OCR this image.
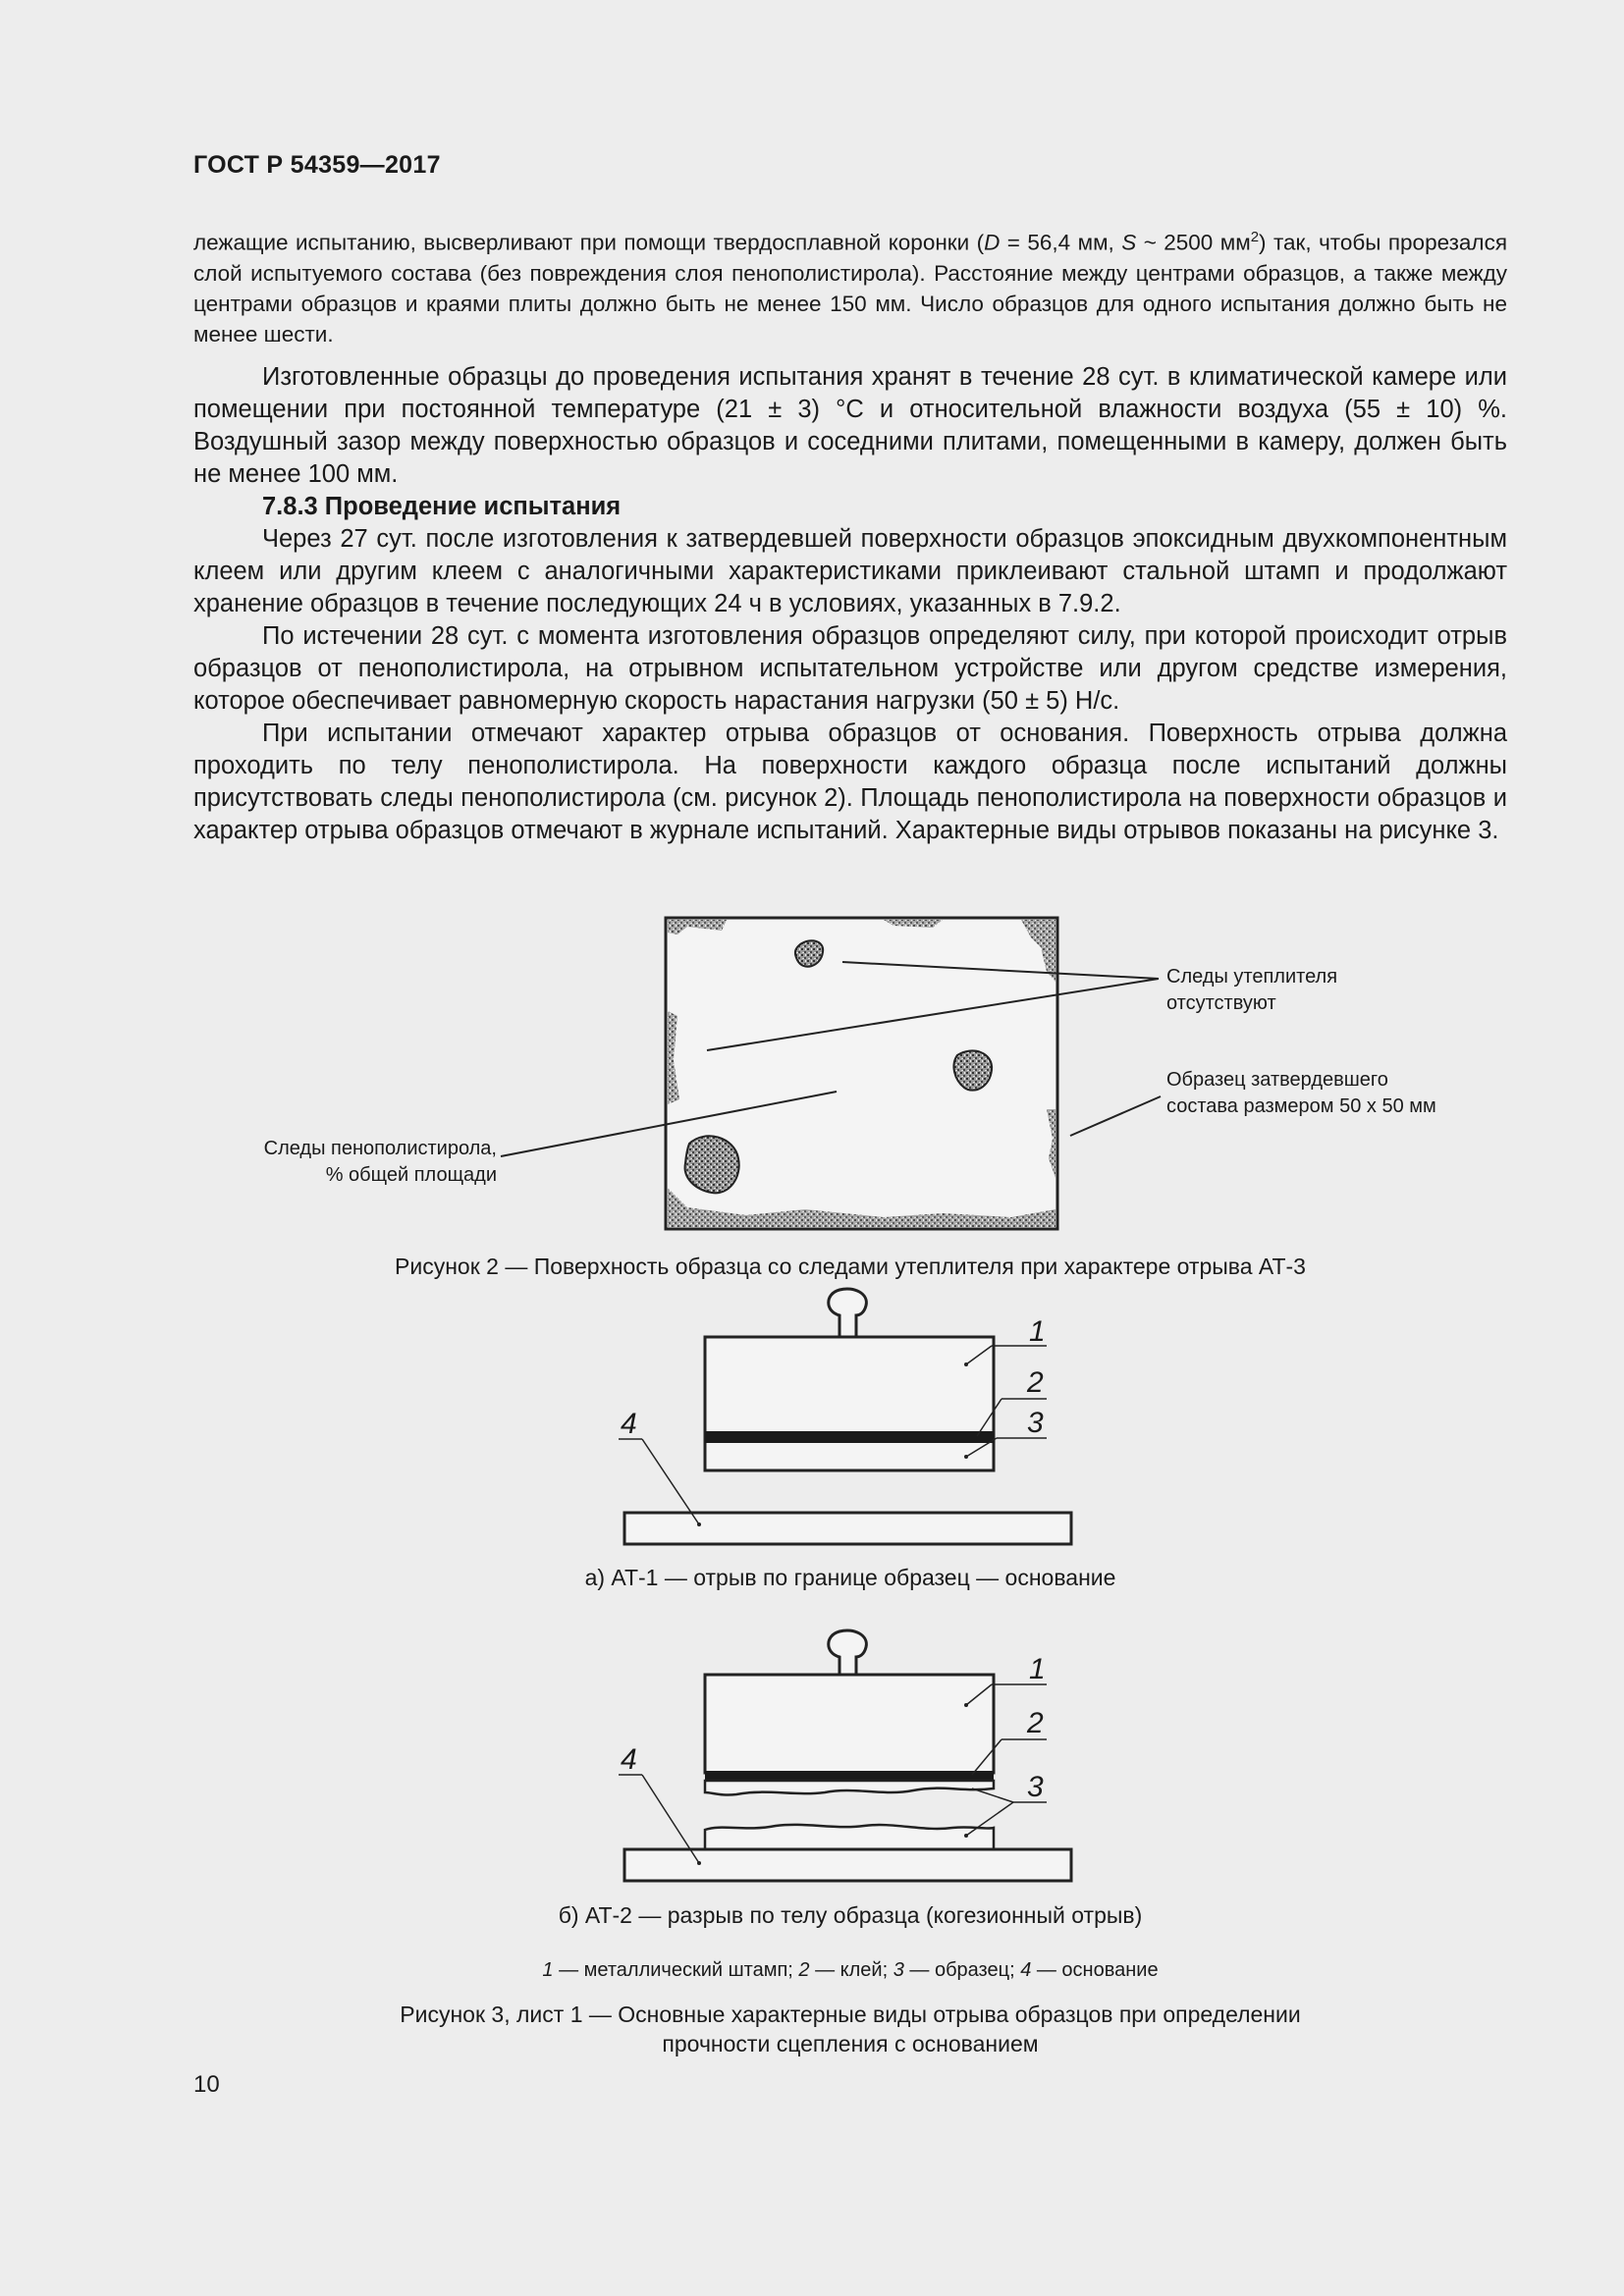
ГОСТ Р 54359—2017
лежащие испытанию, высверливают при помощи твердосплавной коронки (D = 56,4 мм, S ~ 2500 $мм^2$) так, чтобы прорезался слой испытуемого состава (без повреждения слоя пенополистирола). Расстояние между центрами образцов, а также между центрами образцов и краями плиты должно быть не менее 150 мм. Число образцов для одного испытания должно быть не менее шести.

Изготовленные образцы до проведения испытания хранят в течение 28 сут. в климатической камере или помещении при постоянной температуре (21 ± 3) °С и относительной влажности воздуха (55 ± 10) %. Воздушный зазор между поверхностью образцов и соседними плитами, помещенными в камеру, должен быть не менее 100 мм.

7.8.3 Проведение испытания

Через 27 сут. после изготовления к затвердевшей поверхности образцов эпоксидным двухкомпонентным клеем или другим клеем с аналогичными характеристиками приклеивают стальной штамп и продолжают хранение образцов в течение последующих 24 ч в условиях, указанных в 7.9.2.

По истечении 28 сут. с момента изготовления образцов определяют силу, при которой происходит отрыв образцов от пенополистирола, на отрывном испытательном устройстве или другом средстве измерения, которое обеспечивает равномерную скорость нарастания нагрузки (50 ± 5) Н/с.

При испытании отмечают характер отрыва образцов от основания. Поверхность отрыва должна проходить по телу пенополистирола. На поверхности каждого образца после испытаний должны присутствовать следы пенополистирола (см. рисунок 2). Площадь пенополистирола на поверхности образцов и характер отрыва образцов отмечают в журнале испытаний. Характерные виды отрывов показаны на рисунке 3.

Следы утеплителя
отсутствуют
Образец затвердевшего
состава размером 50 х 50 мм
Следы пенополистирола,
% общей площади
1
2
3
4
1
2
3
4
Рисунок 2 — Поверхность образца со следами утеплителя при характере отрыва АТ-3
а) АТ-1 — отрыв по границе образец — основание
б) АТ-2 — разрыв по телу образца (когезионный отрыв)
1 — металлический штамп; 2 — клей; 3 — образец; 4 — основание
Рисунок 3, лист 1 — Основные характерные виды отрыва образцов при определении
прочности сцепления с основанием
10
